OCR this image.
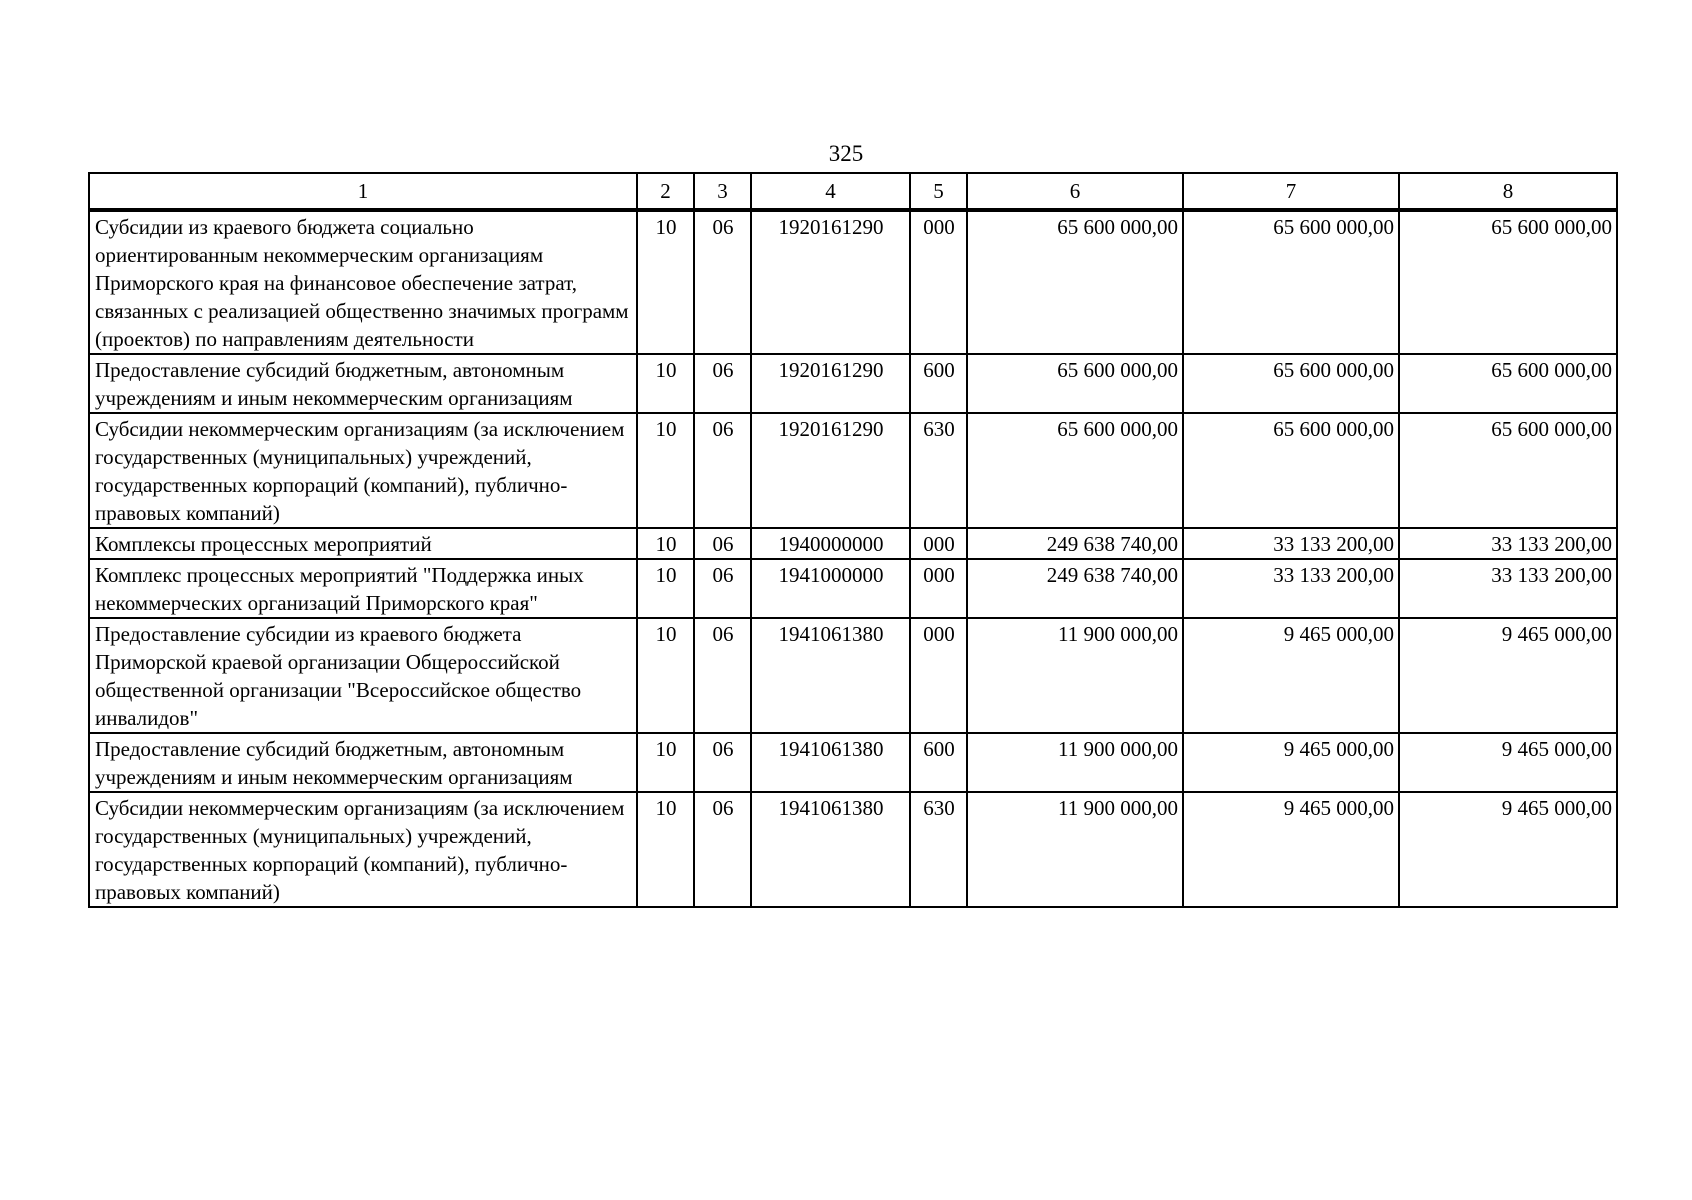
325
1	2	3	4	5	6	7	8
Субсидии из краевого бюджета социально ориентированным некоммерческим организациям Приморского края на финансовое обеспечение затрат, связанных с реализацией общественно значимых программ (проектов) по направлениям деятельности	10	06	1920161290	000	65 600 000,00	65 600 000,00	65 600 000,00
Предоставление субсидий бюджетным, автономным учреждениям и иным некоммерческим организациям	10	06	1920161290	600	65 600 000,00	65 600 000,00	65 600 000,00
Субсидии некоммерческим организациям (за исключением государственных (муниципальных) учреждений, государственных корпораций (компаний), публично-правовых компаний)	10	06	1920161290	630	65 600 000,00	65 600 000,00	65 600 000,00
Комплексы процессных мероприятий	10	06	1940000000	000	249 638 740,00	33 133 200,00	33 133 200,00
Комплекс процессных мероприятий "Поддержка иных некоммерческих организаций Приморского края"	10	06	1941000000	000	249 638 740,00	33 133 200,00	33 133 200,00
Предоставление субсидии из краевого бюджета Приморской краевой организации Общероссийской общественной организации "Всероссийское общество инвалидов"	10	06	1941061380	000	11 900 000,00	9 465 000,00	9 465 000,00
Предоставление субсидий бюджетным, автономным учреждениям и иным некоммерческим организациям	10	06	1941061380	600	11 900 000,00	9 465 000,00	9 465 000,00
Субсидии некоммерческим организациям (за исключением государственных (муниципальных) учреждений, государственных корпораций (компаний), публично-правовых компаний)	10	06	1941061380	630	11 900 000,00	9 465 000,00	9 465 000,00
